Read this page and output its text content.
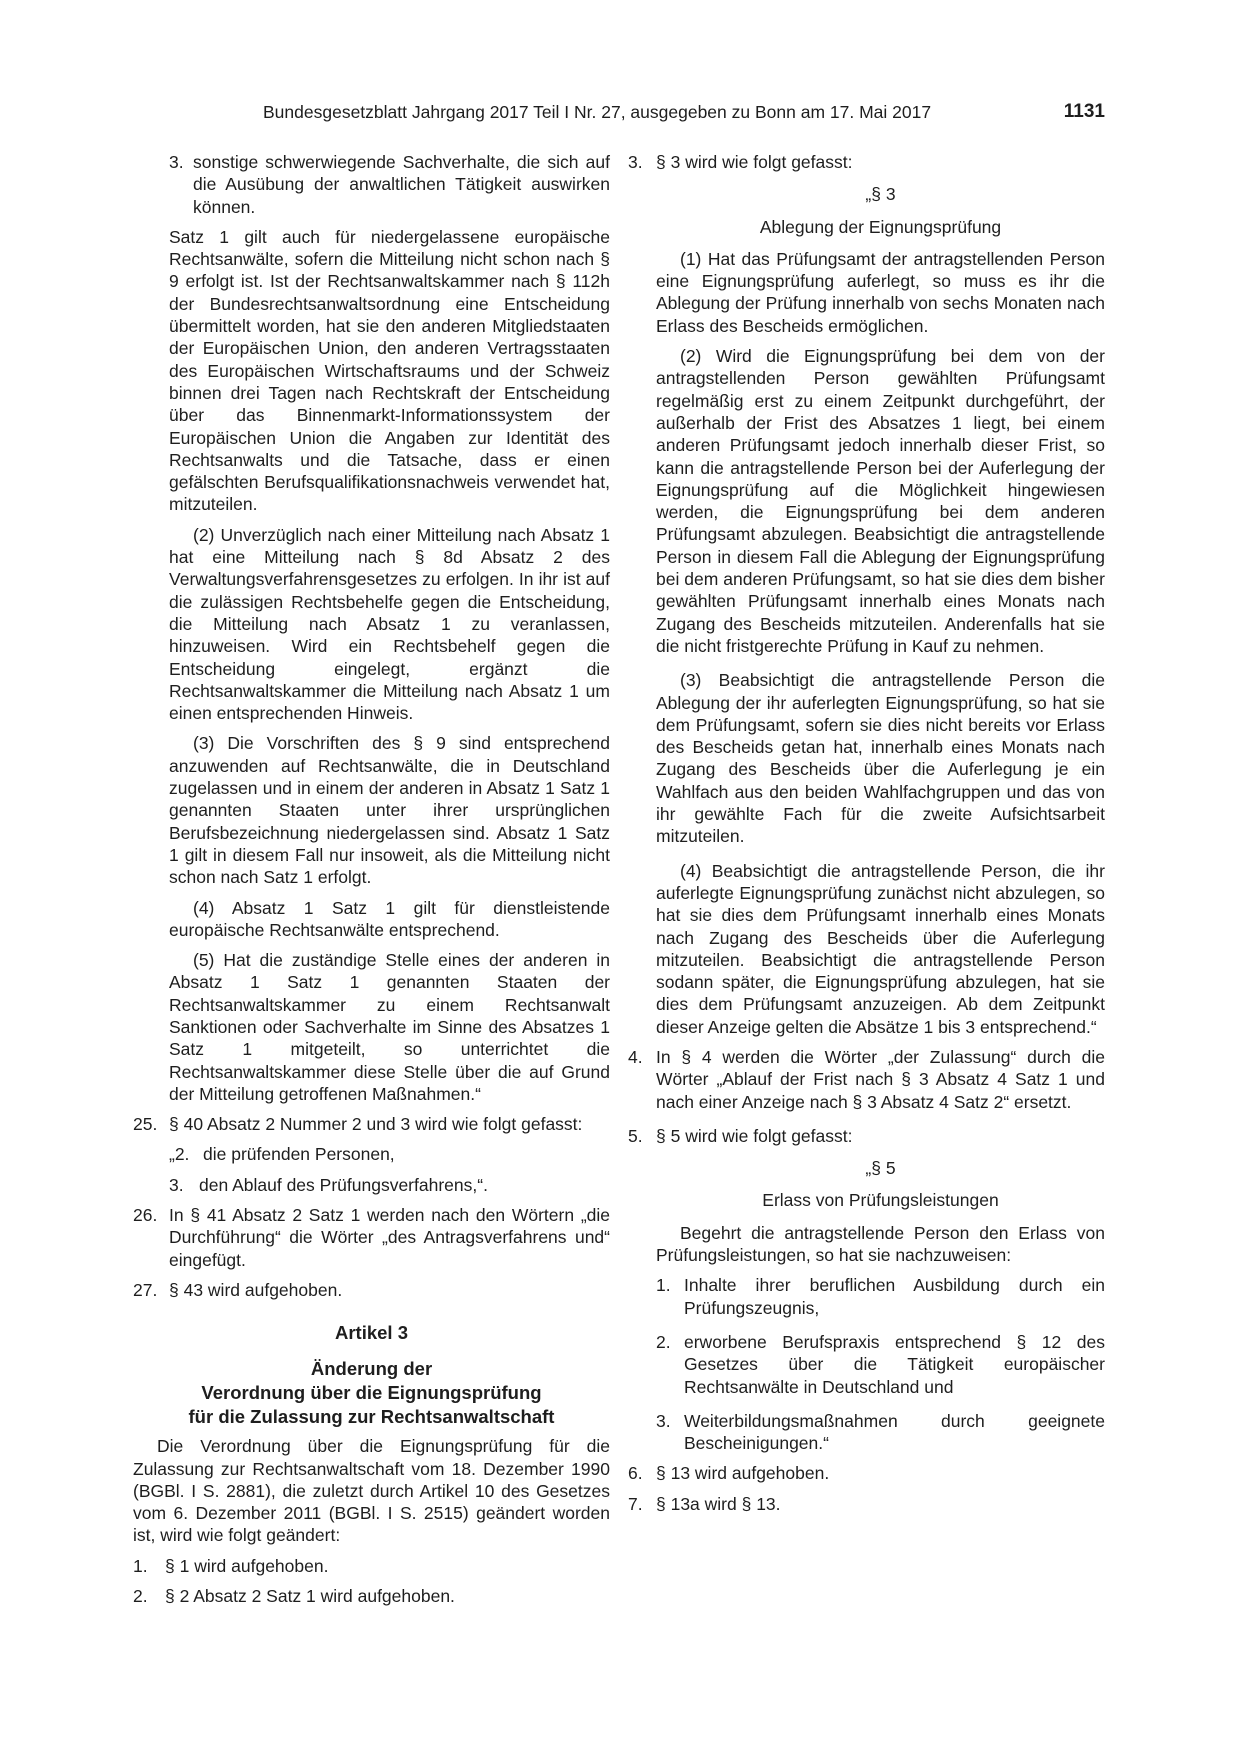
Bundesgesetzblatt Jahrgang 2017 Teil I Nr. 27, ausgegeben zu Bonn am 17. Mai 2017	1131
3. sonstige schwerwiegende Sachverhalte, die sich auf die Ausübung der anwaltlichen Tätigkeit auswirken können.

Satz 1 gilt auch für niedergelassene europäische Rechtsanwälte, sofern die Mitteilung nicht schon nach § 9 erfolgt ist. Ist der Rechtsanwaltskammer nach § 112h der Bundesrechtsanwaltsordnung eine Entscheidung übermittelt worden, hat sie den anderen Mitgliedstaaten der Europäischen Union, den anderen Vertragsstaaten des Europäischen Wirtschaftsraums und der Schweiz binnen drei Tagen nach Rechtskraft der Entscheidung über das Binnenmarkt-Informationssystem der Europäischen Union die Angaben zur Identität des Rechtsanwalts und die Tatsache, dass er einen gefälschten Berufsqualifikationsnachweis verwendet hat, mitzuteilen.

(2) Unverzüglich nach einer Mitteilung nach Absatz 1 hat eine Mitteilung nach § 8d Absatz 2 des Verwaltungsverfahrensgesetzes zu erfolgen. In ihr ist auf die zulässigen Rechtsbehelfe gegen die Entscheidung, die Mitteilung nach Absatz 1 zu veranlassen, hinzuweisen. Wird ein Rechtsbehelf gegen die Entscheidung eingelegt, ergänzt die Rechtsanwaltskammer die Mitteilung nach Absatz 1 um einen entsprechenden Hinweis.

(3) Die Vorschriften des § 9 sind entsprechend anzuwenden auf Rechtsanwälte, die in Deutschland zugelassen und in einem der anderen in Absatz 1 Satz 1 genannten Staaten unter ihrer ursprünglichen Berufsbezeichnung niedergelassen sind. Absatz 1 Satz 1 gilt in diesem Fall nur insoweit, als die Mitteilung nicht schon nach Satz 1 erfolgt.

(4) Absatz 1 Satz 1 gilt für dienstleistende europäische Rechtsanwälte entsprechend.

(5) Hat die zuständige Stelle eines der anderen in Absatz 1 Satz 1 genannten Staaten der Rechtsanwaltskammer zu einem Rechtsanwalt Sanktionen oder Sachverhalte im Sinne des Absatzes 1 Satz 1 mitgeteilt, so unterrichtet die Rechtsanwaltskammer diese Stelle über die auf Grund der Mitteilung getroffenen Maßnahmen.“

25. § 40 Absatz 2 Nummer 2 und 3 wird wie folgt gefasst:
„2. die prüfenden Personen,
3. den Ablauf des Prüfungsverfahrens,“.
26. In § 41 Absatz 2 Satz 1 werden nach den Wörtern „die Durchführung“ die Wörter „des Antragsverfahrens und“ eingefügt.
27. § 43 wird aufgehoben.

Artikel 3

Änderung der

Verordnung über die Eignungsprüfung

für die Zulassung zur Rechtsanwaltschaft

Die Verordnung über die Eignungsprüfung für die Zulassung zur Rechtsanwaltschaft vom 18. Dezember 1990 (BGBl. I S. 2881), die zuletzt durch Artikel 10 des Gesetzes vom 6. Dezember 2011 (BGBl. I S. 2515) geändert worden ist, wird wie folgt geändert:

1. § 1 wird aufgehoben.
2. § 2 Absatz 2 Satz 1 wird aufgehoben.
3. § 3 wird wie folgt gefasst:

„§ 3

Ablegung der Eignungsprüfung

(1) Hat das Prüfungsamt der antragstellenden Person eine Eignungsprüfung auferlegt, so muss es ihr die Ablegung der Prüfung innerhalb von sechs Monaten nach Erlass des Bescheids ermöglichen.

(2) Wird die Eignungsprüfung bei dem von der antragstellenden Person gewählten Prüfungsamt regelmäßig erst zu einem Zeitpunkt durchgeführt, der außerhalb der Frist des Absatzes 1 liegt, bei einem anderen Prüfungsamt jedoch innerhalb dieser Frist, so kann die antragstellende Person bei der Auferlegung der Eignungsprüfung auf die Möglichkeit hingewiesen werden, die Eignungsprüfung bei dem anderen Prüfungsamt abzulegen. Beabsichtigt die antragstellende Person in diesem Fall die Ablegung der Eignungsprüfung bei dem anderen Prüfungsamt, so hat sie dies dem bisher gewählten Prüfungsamt innerhalb eines Monats nach Zugang des Bescheids mitzuteilen. Anderenfalls hat sie die nicht fristgerechte Prüfung in Kauf zu nehmen.

(3) Beabsichtigt die antragstellende Person die Ablegung der ihr auferlegten Eignungsprüfung, so hat sie dem Prüfungsamt, sofern sie dies nicht bereits vor Erlass des Bescheids getan hat, innerhalb eines Monats nach Zugang des Bescheids über die Auferlegung je ein Wahlfach aus den beiden Wahlfachgruppen und das von ihr gewählte Fach für die zweite Aufsichtsarbeit mitzuteilen.

(4) Beabsichtigt die antragstellende Person, die ihr auferlegte Eignungsprüfung zunächst nicht abzulegen, so hat sie dies dem Prüfungsamt innerhalb eines Monats nach Zugang des Bescheids über die Auferlegung mitzuteilen. Beabsichtigt die antragstellende Person sodann später, die Eignungsprüfung abzulegen, hat sie dies dem Prüfungsamt anzuzeigen. Ab dem Zeitpunkt dieser Anzeige gelten die Absätze 1 bis 3 entsprechend.“

4. In § 4 werden die Wörter „der Zulassung“ durch die Wörter „Ablauf der Frist nach § 3 Absatz 4 Satz 1 und nach einer Anzeige nach § 3 Absatz 4 Satz 2“ ersetzt.
5. § 5 wird wie folgt gefasst:

„§ 5

Erlass von Prüfungsleistungen

Begehrt die antragstellende Person den Erlass von Prüfungsleistungen, so hat sie nachzuweisen:

1. Inhalte ihrer beruflichen Ausbildung durch ein Prüfungszeugnis,
2. erworbene Berufspraxis entsprechend § 12 des Gesetzes über die Tätigkeit europäischer Rechtsanwälte in Deutschland und
3. Weiterbildungsmaßnahmen durch geeignete Bescheinigungen.“
6. § 13 wird aufgehoben.
7. § 13a wird § 13.
